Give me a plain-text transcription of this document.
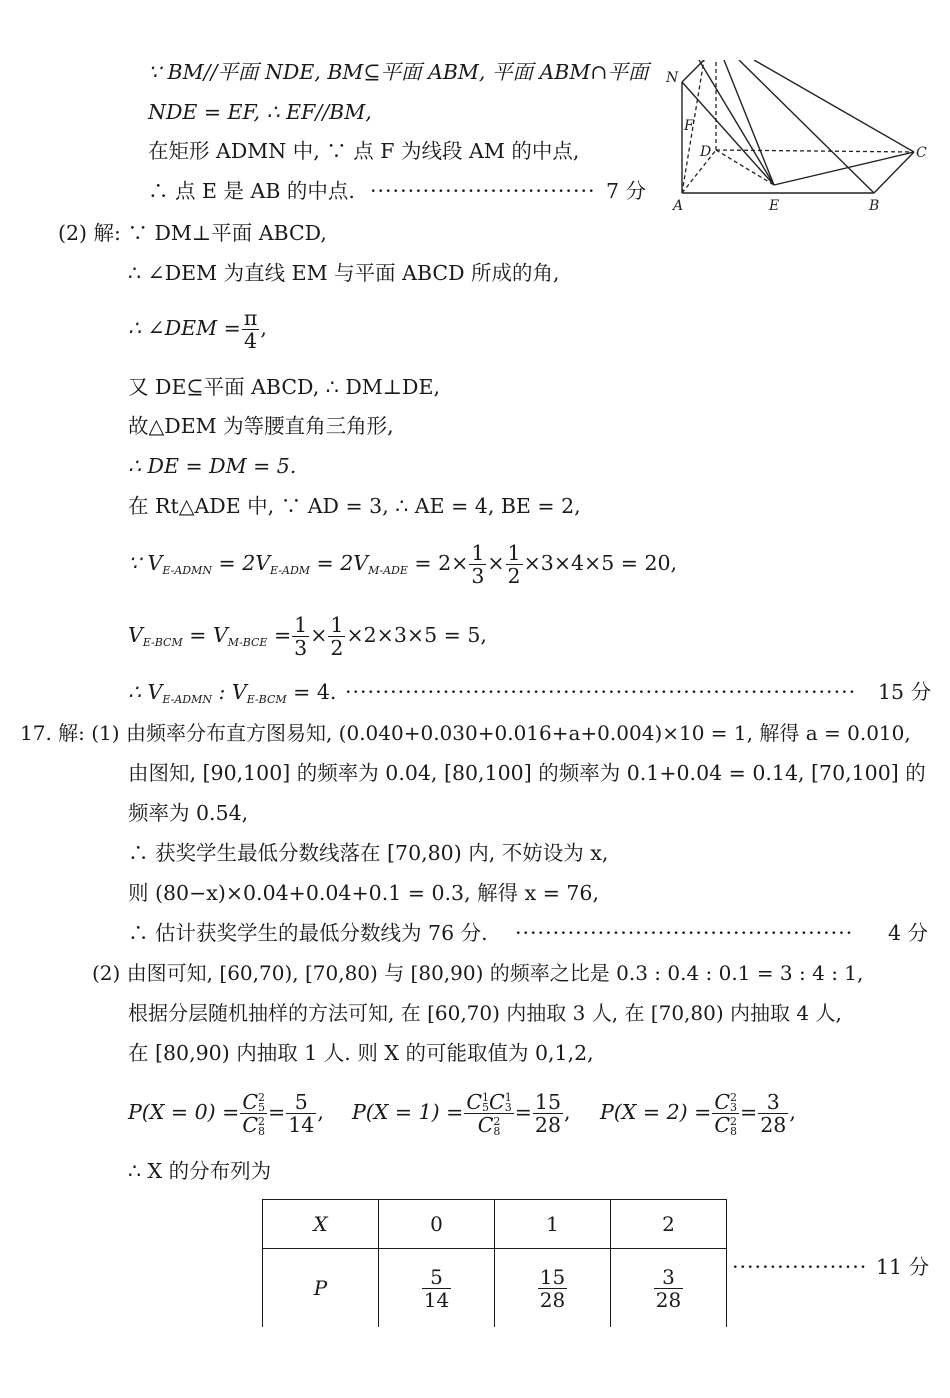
∵ BM//平面 NDE, BM⊆平面 ABM, 平面 ABM∩平面
NDE = EF, ∴ EF//BM,
在矩形 ADMN 中, ∵ 点 F 为线段 AM 的中点,
∴ 点 E 是 AB 的中点. ······························ 7 分
N
F
D	C
A	E	B
(2) 解: ∵ DM⊥平面 ABCD,
∴ ∠DEM 为直线 EM 与平面 ABCD 所成的角,
∴ ∠DEM = $\frac{\pi}{4}$ ,
又 DE⊆平面 ABCD, ∴ DM⊥DE,
故△DEM 为等腰直角三角形,
∴ DE = DM = 5.
在 Rt△ADE 中, ∵ AD = 3, ∴ AE = 4, BE = 2,
∵ $V_{E-ADMN} = 2V_{E-ADM} = 2V_{M-ADE} = 2\times \frac{1}{3} \times \frac{1}{2} \times 3\times 4\times 5 = 20$,
$V_{E-BCM} = V_{M-BCE} = \frac{1}{3} \times \frac{1}{2} \times 2\times 3\times 5 = 5$,
∴ $V_{E-ADMN}$ : $V_{E-BCM} = 4$. ···································································· 15 分
17. 解: (1) 由频率分布直方图易知, (0.040+0.030+0.016+a+0.004)×10 = 1, 解得 a = 0.010,
由图知, [90,100] 的频率为 0.04, [80,100] 的频率为 0.1+0.04 = 0.14, [70,100] 的
频率为 0.54,
∴ 获奖学生最低分数线落在 [70,80) 内, 不妨设为 x,
则 (80−x)×0.04+0.04+0.1 = 0.3, 解得 x = 76,
∴ 估计获奖学生的最低分数线为 76 分. ············································· 4 分
(2) 由图可知, [60,70), [70,80) 与 [80,90) 的频率之比是 0.3 : 0.4 : 0.1 = 3 : 4 : 1,
根据分层随机抽样的方法可知, 在 [60,70) 内抽取 3 人, 在 [70,80) 内抽取 4 人,
在 [80,90) 内抽取 1 人. 则 X 的可能取值为 0,1,2,
P(X = 0) = C 2
5
C 2
$8 = \frac{5}{14}$ , P(X = 1) = C 1
5 C 1
3
C 2
$8 = \frac{15}{28}$ , P(X = 2) = C 2
3
C 2
$8 = \frac{3}{28}$ ,
∴ X 的分布列为
X	0	1	2
P	$\frac{5}{14}$	$\frac{15}{28}$	$\frac{3}{28}$ ·················· 11 分
